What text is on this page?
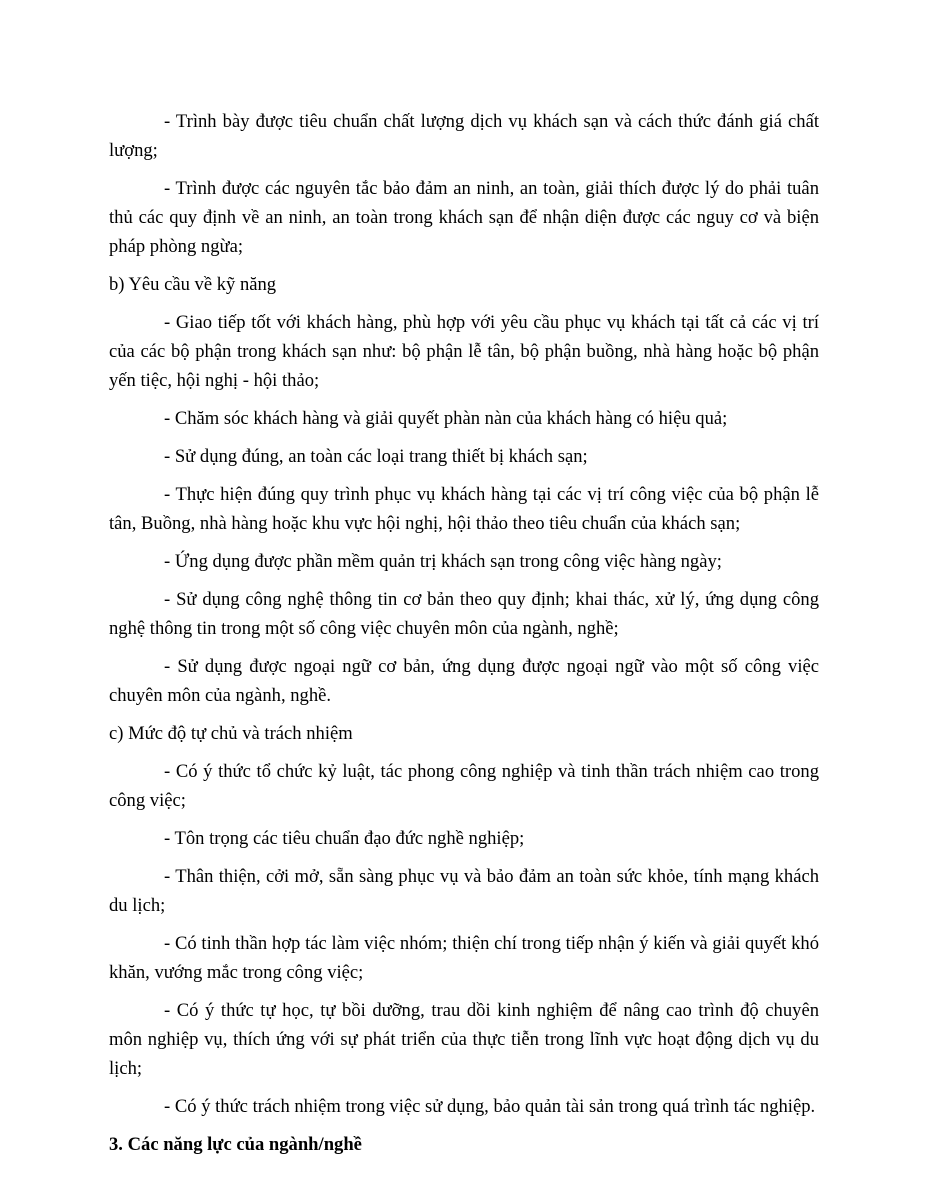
- Trình bày được tiêu chuẩn chất lượng dịch vụ khách sạn và cách thức đánh giá chất lượng;

- Trình được các nguyên tắc bảo đảm an ninh, an toàn, giải thích được lý do phải tuân thủ các quy định về an ninh, an toàn trong khách sạn để nhận diện được các nguy cơ và biện pháp phòng ngừa;

b) Yêu cầu về kỹ năng

- Giao tiếp tốt với khách hàng, phù hợp với yêu cầu phục vụ khách tại tất cả các vị trí của các bộ phận trong khách sạn như: bộ phận lễ tân, bộ phận buồng, nhà hàng hoặc bộ phận yến tiệc, hội nghị - hội thảo;

- Chăm sóc khách hàng và giải quyết phàn nàn của khách hàng có hiệu quả;

- Sử dụng đúng, an toàn các loại trang thiết bị khách sạn;

- Thực hiện đúng quy trình phục vụ khách hàng tại các vị trí công việc của bộ phận lễ tân, Buồng, nhà hàng hoặc khu vực hội nghị, hội thảo theo tiêu chuẩn của khách sạn;

- Ứng dụng được phần mềm quản trị khách sạn trong công việc hàng ngày;

- Sử dụng công nghệ thông tin cơ bản theo quy định; khai thác, xử lý, ứng dụng công nghệ thông tin trong một số công việc chuyên môn của ngành, nghề;

- Sử dụng được ngoại ngữ cơ bản, ứng dụng được ngoại ngữ vào một số công việc chuyên môn của ngành, nghề.

c) Mức độ tự chủ và trách nhiệm

- Có ý thức tổ chức kỷ luật, tác phong công nghiệp và tinh thần trách nhiệm cao trong công việc;

- Tôn trọng các tiêu chuẩn đạo đức nghề nghiệp;

- Thân thiện, cởi mở, sẵn sàng phục vụ và bảo đảm an toàn sức khỏe, tính mạng khách du lịch;

- Có tinh thần hợp tác làm việc nhóm; thiện chí trong tiếp nhận ý kiến và giải quyết khó khăn, vướng mắc trong công việc;

- Có ý thức tự học, tự bồi dưỡng, trau dồi kinh nghiệm để nâng cao trình độ chuyên môn nghiệp vụ, thích ứng với sự phát triển của thực tiễn trong lĩnh vực hoạt động dịch vụ du lịch;

- Có ý thức trách nhiệm trong việc sử dụng, bảo quản tài sản trong quá trình tác nghiệp.

3. Các năng lực của ngành/nghề
